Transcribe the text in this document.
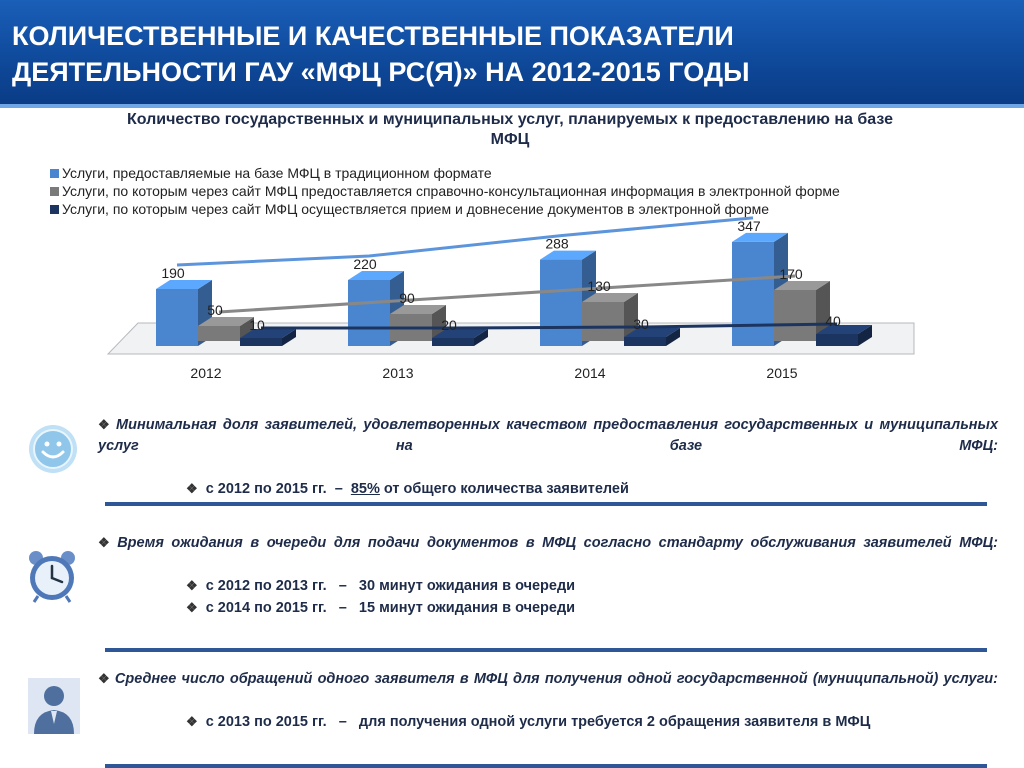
КОЛИЧЕСТВЕННЫЕ И КАЧЕСТВЕННЫЕ ПОКАЗАТЕЛИ
ДЕЯТЕЛЬНОСТИ ГАУ «МФЦ РС(Я)» НА 2012-2015 ГОДЫ
Количество государственных и муниципальных услуг, планируемых к предоставлению на базе МФЦ
Услуги, предоставляемые на базе МФЦ в традиционном формате
Услуги, по которым через сайт МФЦ предоставляется справочно-консультационная информация в электронной форме
Услуги, по которым через сайт МФЦ осуществляется прием и довнесение документов в электронной форме
190
220
288
347
50
90
130
170
10	20	30	40
2012	2013	2014	2015
❖ Минимальная доля заявителей, удовлетворенных качеством предоставления государственных и муниципальных услуг на базе МФЦ:
❖ с 2012 по 2015 гг. – 85% от общего количества заявителей
❖ Время ожидания в очереди для подачи документов в МФЦ согласно стандарту обслуживания заявителей МФЦ:
❖ с 2012 по 2013 гг. – 30 минут ожидания в очереди
❖ с 2014 по 2015 гг. – 15 минут ожидания в очереди
❖ Среднее число обращений одного заявителя в МФЦ для получения одной государственной (муниципальной) услуги:
❖ с 2013 по 2015 гг. – для получения одной услуги требуется 2 обращения заявителя в МФЦ
